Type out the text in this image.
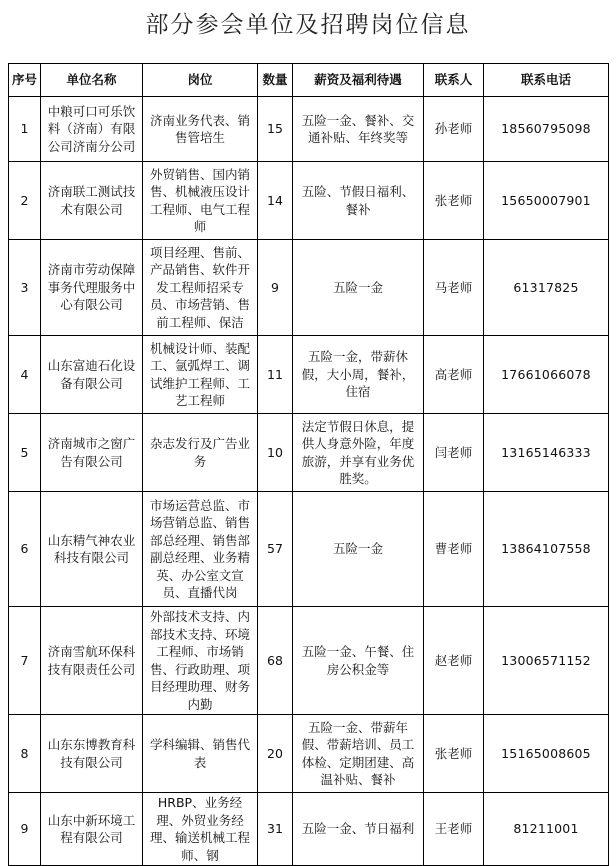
部分参会单位及招聘岗位信息
序号	单位名称	岗位	数量	薪资及福利待遇	联系人	联系电话
1	中粮可口可乐饮料（济南）有限公司济南分公司	济南业务代表、销售管培生	15	五险一金、餐补、交通补贴、年终奖等	孙老师	18560795098
2	济南联工测试技术有限公司	外贸销售、国内销售、机械液压设计工程师、电气工程师	14	五险、节假日福利、餐补	张老师	15650007901
3	济南市劳动保障事务代理服务中心有限公司	项目经理、售前、产品销售、软件开发工程师招采专员、市场营销、售前工程师、保洁	9	五险一金	马老师	61317825
4	山东富迪石化设备有限公司	机械设计师、装配工、氩弧焊工、调试维护工程师、工艺工程师	11	五险一金，带薪休假，大小周，餐补，住宿	高老师	17661066078
5	济南城市之窗广告有限公司	杂志发行及广告业务	10	法定节假日休息，提供人身意外险，年度旅游，并享有业务优胜奖。	闫老师	13165146333
6	山东精气神农业科技有限公司	市场运营总监、市场营销总监、销售部总经理、销售部副总经理、业务精英、办公室文宣员、直播代岗	57	五险一金	曹老师	13864107558
7	济南雪航环保科技有限责任公司	外部技术支持、内部技术支持、环境工程师、市场销售、行政助理、项目经理助理、财务内勤	68	五险一金、午餐、住房公积金等	赵老师	13006571152
8	山东东博教育科技有限公司	学科编辑、销售代表	20	五险一金、带薪年假、带薪培训、员工体检、定期团建、高温补贴、餐补	张老师	15165008605
9	山东中新环境工程有限公司	HRBP、业务经理、外贸业务经理、输送机械工程师、钢	31	五险一金、节日福利	王老师	81211001
